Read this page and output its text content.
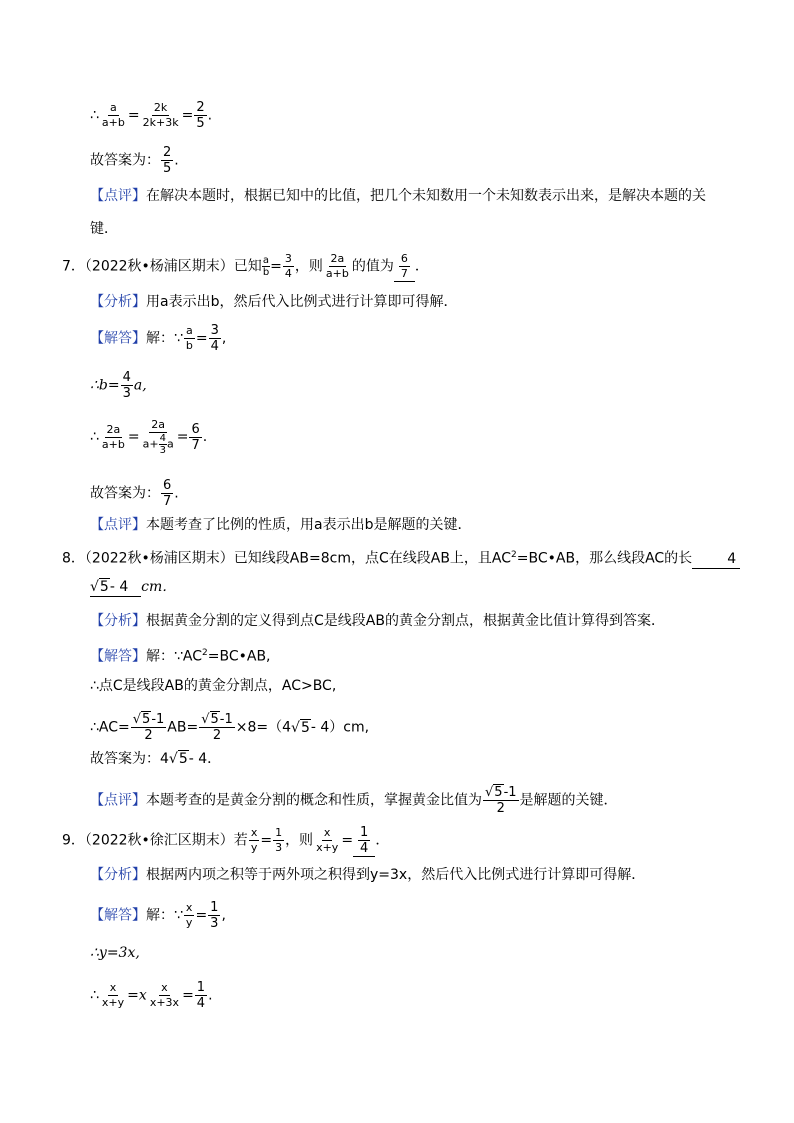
∴ $\frac{a}{a+b} = \frac{2k}{2k+3k} = \frac{2}{5}$ .
故答案为： $\frac{2}{5}$ .
【点评】在解决本题时，根据已知中的比值，把几个未知数用一个未知数表示出来，是解决本题的关
键．
7．（2022秋•杨浦区期末）已知 $\frac{a}{b} = \frac{3}{4}$ ，则 $\frac{2a}{a+b}$ 的值为 $\frac{6}{7}$ ．
【分析】用a表示出b，然后代入比例式进行计算即可得解．
【解答】解：∵ $\frac{a}{b} = \frac{3}{4}$ ,
∴b= $\frac{4}{3} a$,
∴ $\frac{2a}{a+b} = \frac{2a}{a+ \frac{4}{3} a} = \frac{6}{7}$ .
故答案为： $\frac{6}{7}$ .
【点评】本题考查了比例的性质，用a表示出b是解题的关键．
8．（2022秋•杨浦区期末）已知线段AB=8cm，点C在线段AB上，且$AC^2=BC•AB$，那么线段AC的长	4
√5- 4 cm．
【分析】根据黄金分割的定义得到点C是线段AB的黄金分割点，根据黄金比值计算得到答案．
【解答】解：$\because AC^2=BC•AB$,
∴点C是线段AB的黄金分割点，AC>BC,
∴AC= $\frac{√5-1}{2} AB= \frac{√5-1}{2} \times 8=(4√5-$ 4）cm,
故答案为：4√5- 4．
【点评】本题考查的是黄金分割的概念和性质，掌握黄金比值为 $\frac{√5-1}{2}$ 是解题的关键．
9．（2022秋•徐汇区期末）若 $\frac{x}{y} = \frac{1}{3}$ ，则 $\frac{x}{x+y} = \frac{1}{4}$ ．
【分析】根据两内项之积等于两外项之积得到y=3x，然后代入比例式进行计算即可得解．
【解答】解：∵ $\frac{x}{y} = \frac{1}{3}$ ,
∴y=3x,
∴ $\frac{x}{x+y} =x \frac{x}{x+3x} = \frac{1}{4}$ .
